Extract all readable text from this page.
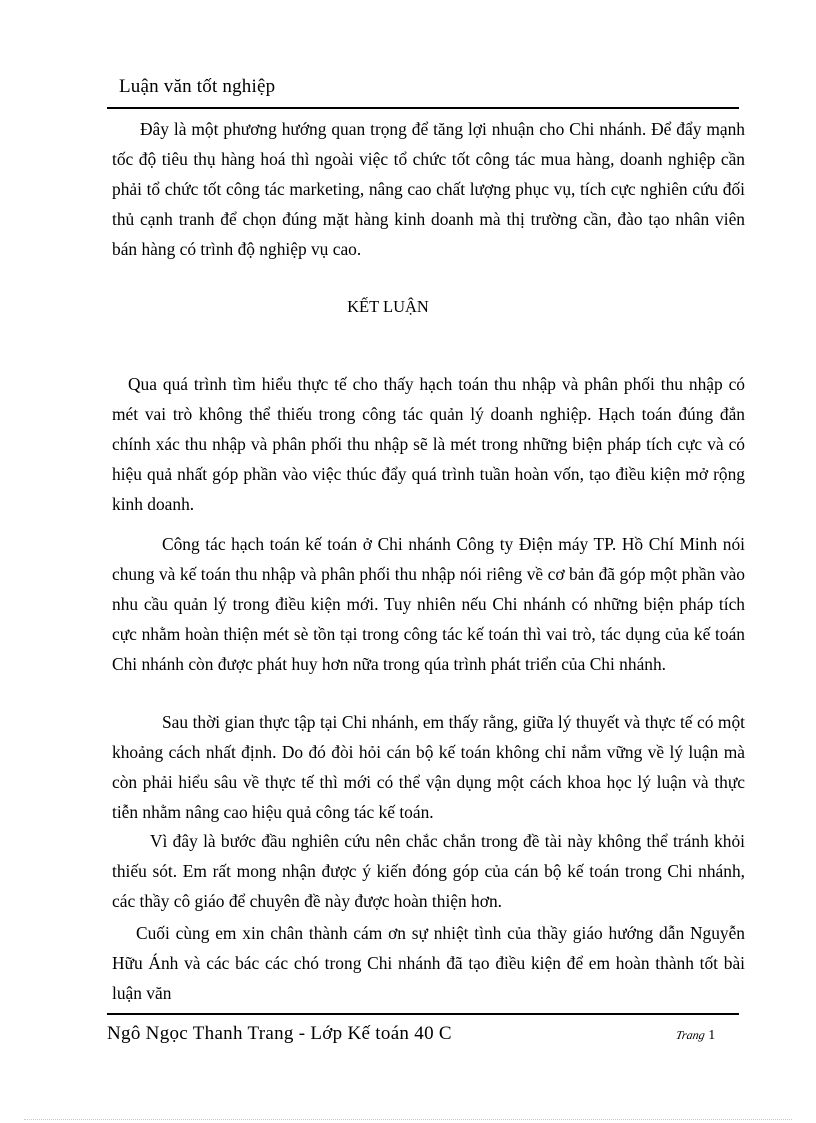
Luận văn tốt nghiệp

Đây là một phương hướng quan trọng để tăng lợi nhuận cho Chi nhánh. Để đẩy mạnh tốc độ tiêu thụ hàng hoá thì ngoài việc tổ chức tốt công tác mua hàng, doanh nghiệp cần phải tổ chức tốt công tác marketing, nâng cao chất lượng phục vụ, tích cực nghiên cứu đối thủ cạnh tranh để chọn đúng mặt hàng kinh doanh mà thị trường cần, đào tạo nhân viên bán hàng có trình độ nghiệp vụ cao.

KẾT LUẬN

Qua quá trình tìm hiểu thực tế cho thấy hạch toán thu nhập và phân phối thu nhập có mét vai trò không thể thiếu trong công tác quản lý doanh nghiệp. Hạch toán đúng đắn chính xác thu nhập và phân phối thu nhập sẽ là mét trong những biện pháp tích cực và có hiệu quả nhất góp phần vào việc thúc đẩy quá trình tuần hoàn vốn, tạo điều kiện mở rộng kinh doanh.

Công tác hạch toán kế toán ở Chi nhánh Công ty Điện máy TP. Hồ Chí Minh nói chung và kế toán thu nhập và phân phối thu nhập nói riêng về cơ bản đã góp một phần vào nhu cầu quản lý trong điều kiện mới. Tuy nhiên nếu Chi nhánh có những biện pháp tích cực nhằm hoàn thiện mét sè tồn tại trong công tác kế toán thì vai trò, tác dụng của kế toán Chi nhánh còn được phát huy hơn nữa trong qúa trình phát triển của Chi nhánh.

Sau thời gian thực tập tại Chi nhánh, em thấy rằng, giữa lý thuyết và thực tế có một khoảng cách nhất định. Do đó đòi hỏi cán bộ kế toán không chỉ nắm vững về lý luận mà còn phải hiểu sâu về thực tế thì mới có thể vận dụng một cách khoa học lý luận và thực tiễn nhằm nâng cao hiệu quả công tác kế toán.

Vì đây là bước đầu nghiên cứu nên chắc chắn trong đề tài này không thể tránh khỏi thiếu sót. Em rất mong nhận được ý kiến đóng góp của cán bộ kế toán trong Chi nhánh, các thầy cô giáo để chuyên đề này được hoàn thiện hơn.

Cuối cùng em xin chân thành cám ơn sự nhiệt tình của thầy giáo hướng dẫn Nguyễn Hữu Ánh và các bác các chó trong Chi nhánh đã tạo điều kiện để em hoàn thành tốt bài luận văn

Ngô Ngọc Thanh Trang - Lớp Kế toán 40 C	Trang 1
